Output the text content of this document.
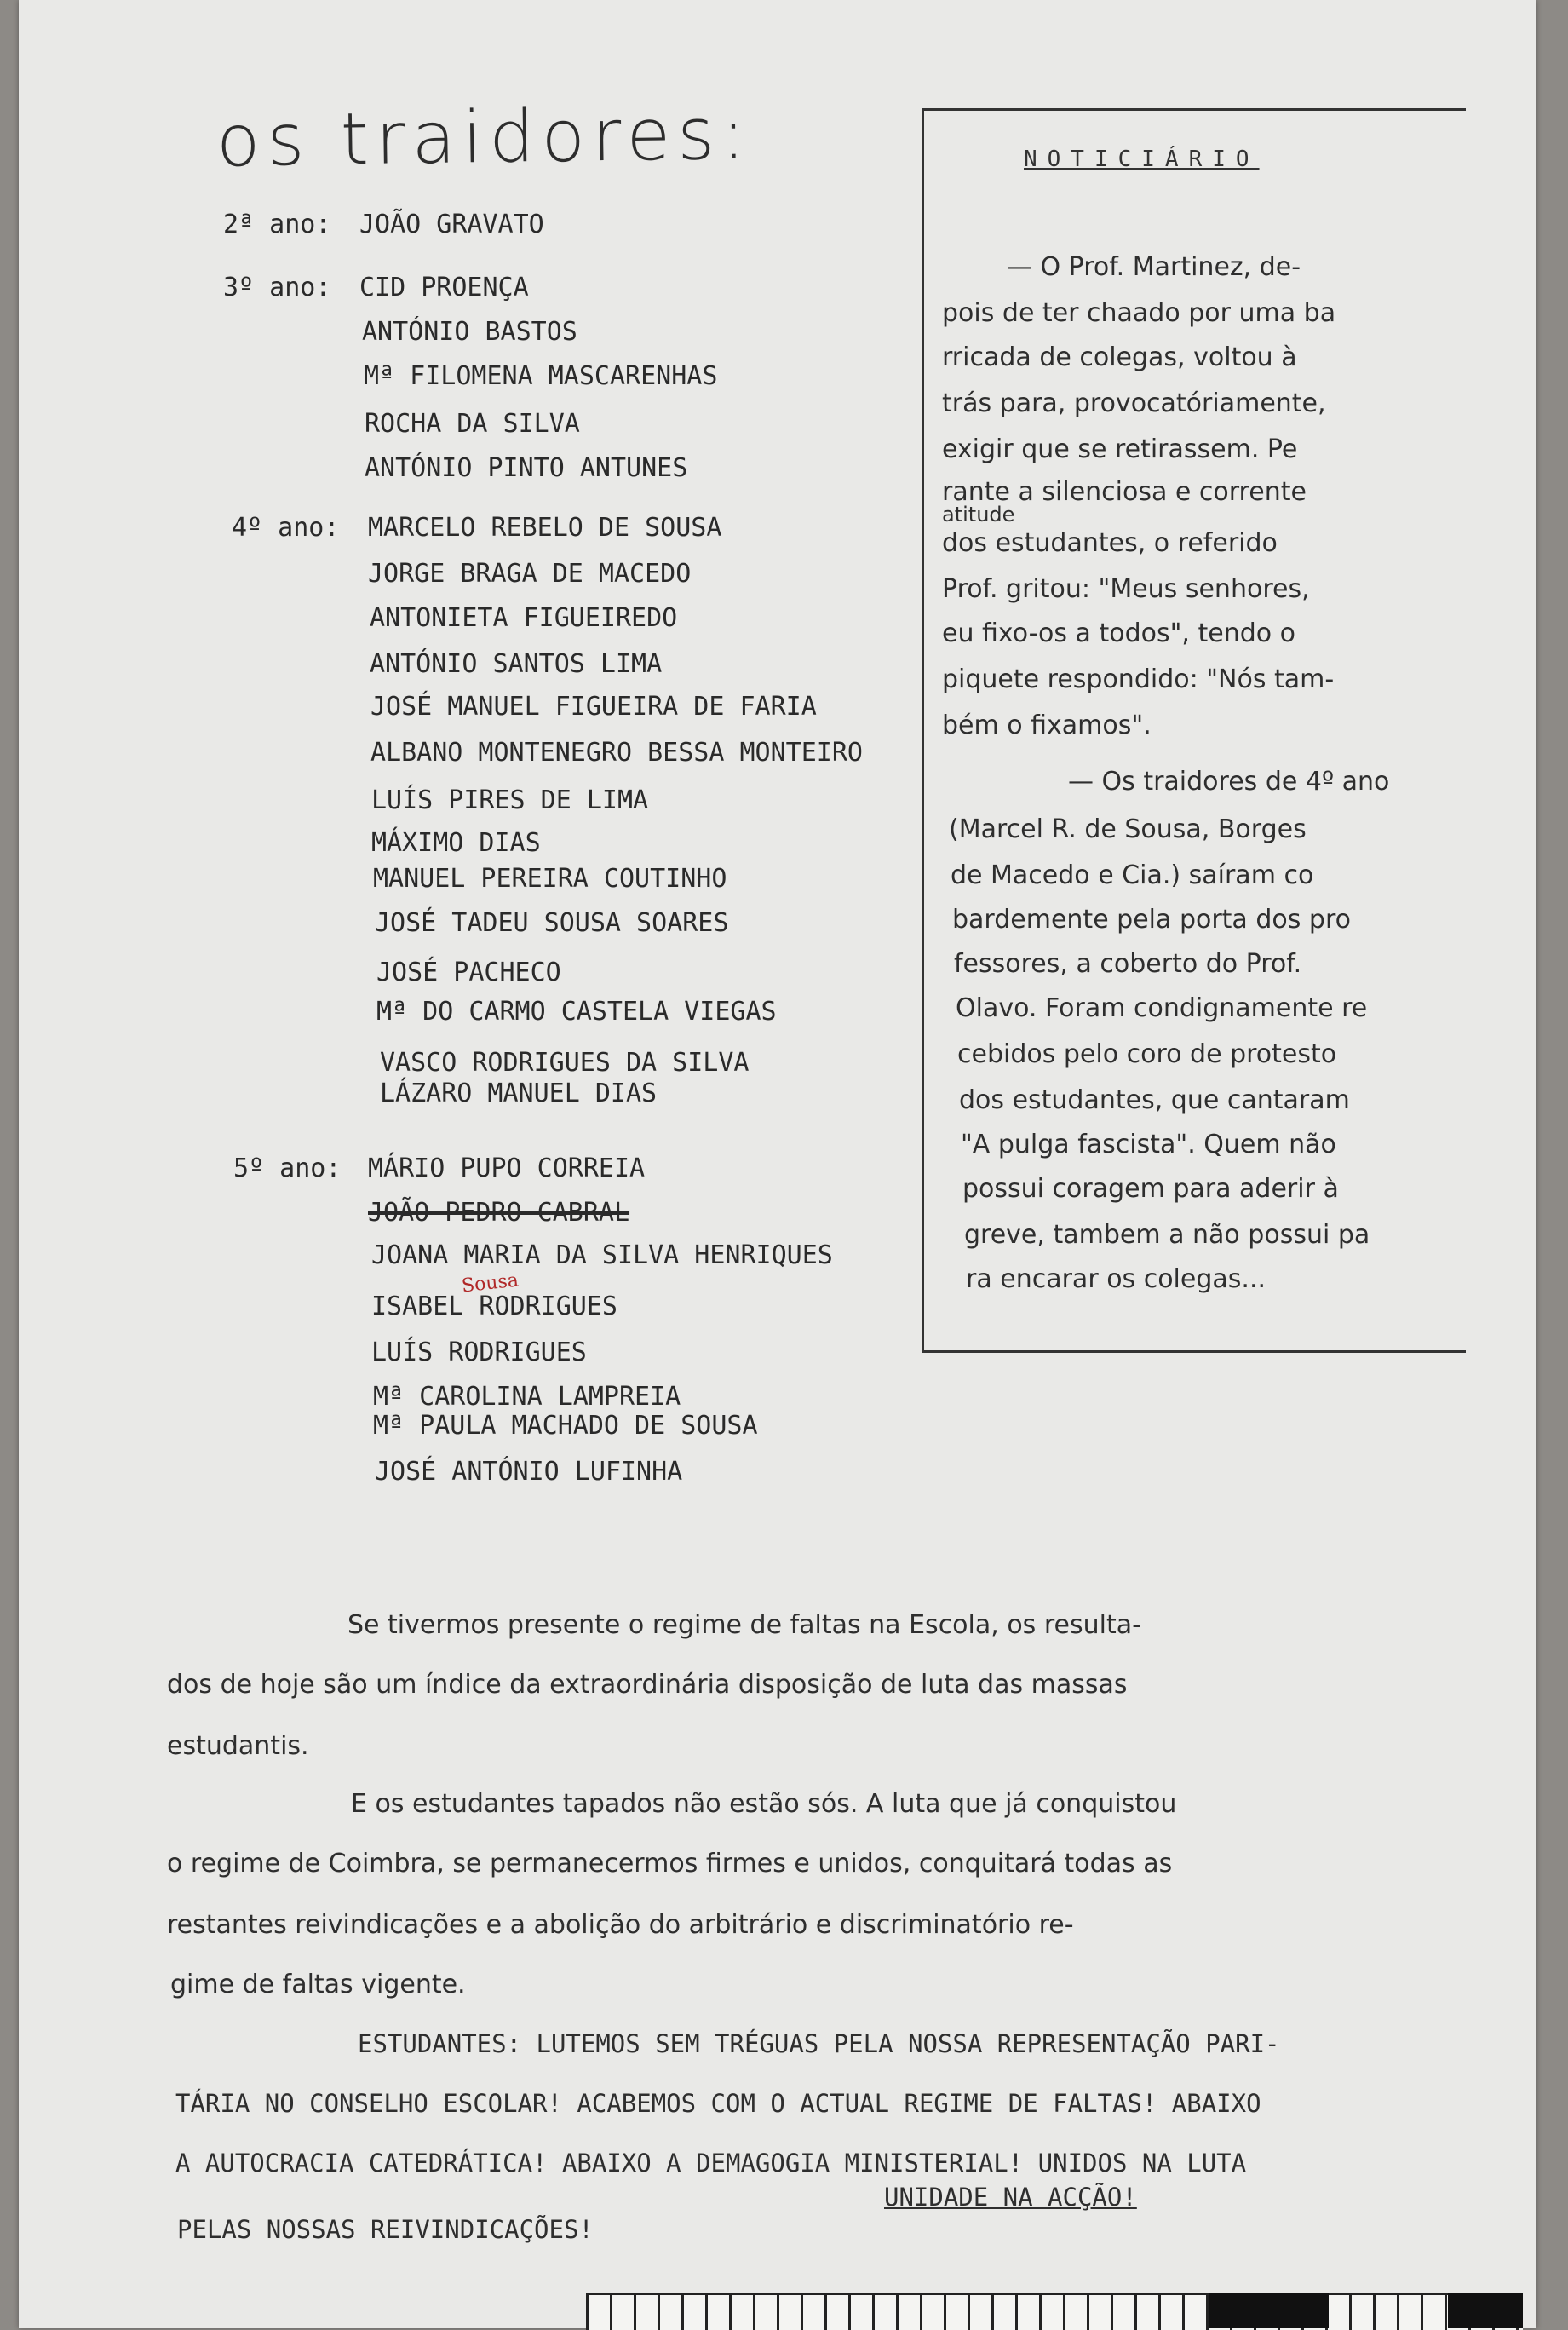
os traidores:
2ª ano: JOÃO GRAVATO
3º ano: CID PROENÇA
ANTÓNIO BASTOS
Mª FILOMENA MASCARENHAS
ROCHA DA SILVA
ANTÓNIO PINTO ANTUNES
4º ano: MARCELO REBELO DE SOUSA
JORGE BRAGA DE MACEDO
ANTONIETA FIGUEIREDO
ANTÓNIO SANTOS LIMA
JOSÉ MANUEL FIGUEIRA DE FARIA
ALBANO MONTENEGRO BESSA MONTEIRO
LUÍS PIRES DE LIMA
MÁXIMO DIAS
MANUEL PEREIRA COUTINHO
JOSÉ TADEU SOUSA SOARES
JOSÉ PACHECO
Mª DO CARMO CASTELA VIEGAS
VASCO RODRIGUES DA SILVA
LÁZARO MANUEL DIAS
5º ano: MÁRIO PUPO CORREIA
JOÃO PEDRO CABRAL
JOANA MARIA DA SILVA HENRIQUES
Sousa
ISABEL RODRIGUES
LUÍS RODRIGUES
Mª CAROLINA LAMPREIA
Mª PAULA MACHADO DE SOUSA
JOSÉ ANTÓNIO LUFINHA
NOTICIÁRIO
— O Prof. Martinez, de-
pois de ter chaado por uma ba
rricada de colegas, voltou à
trás para, provocatóriamente,
exigir que se retirassem. Pe
rante a silenciosa e corrente
atitude
dos estudantes, o referido
Prof. gritou: "Meus senhores,
eu fixo-os a todos", tendo o
piquete respondido: "Nós tam-
bém o fixamos".
— Os traidores de 4º ano
(Marcel R. de Sousa, Borges
de Macedo e Cia.) saíram co
bardemente pela porta dos pro
fessores, a coberto do Prof.
Olavo. Foram condignamente re
cebidos pelo coro de protesto
dos estudantes, que cantaram
"A pulga fascista". Quem não
possui coragem para aderir à
greve, tambem a não possui pa
ra encarar os colegas...
Se tivermos presente o regime de faltas na Escola, os resulta-
dos de hoje são um índice da extraordinária disposição de luta das massas
estudantis.
E os estudantes tapados não estão sós. A luta que já conquistou
o regime de Coimbra, se permanecermos firmes e unidos, conquitará todas as
restantes reivindicações e a abolição do arbitrário e discriminatório re-
gime de faltas vigente.
ESTUDANTES: LUTEMOS SEM TRÉGUAS PELA NOSSA REPRESENTAÇÃO PARI-
TÁRIA NO CONSELHO ESCOLAR! ACABEMOS COM O ACTUAL REGIME DE FALTAS! ABAIXO
A AUTOCRACIA CATEDRÁTICA! ABAIXO A DEMAGOGIA MINISTERIAL! UNIDOS NA LUTA
UNIDADE NA ACÇÃO!
PELAS NOSSAS REIVINDICAÇÕES!
